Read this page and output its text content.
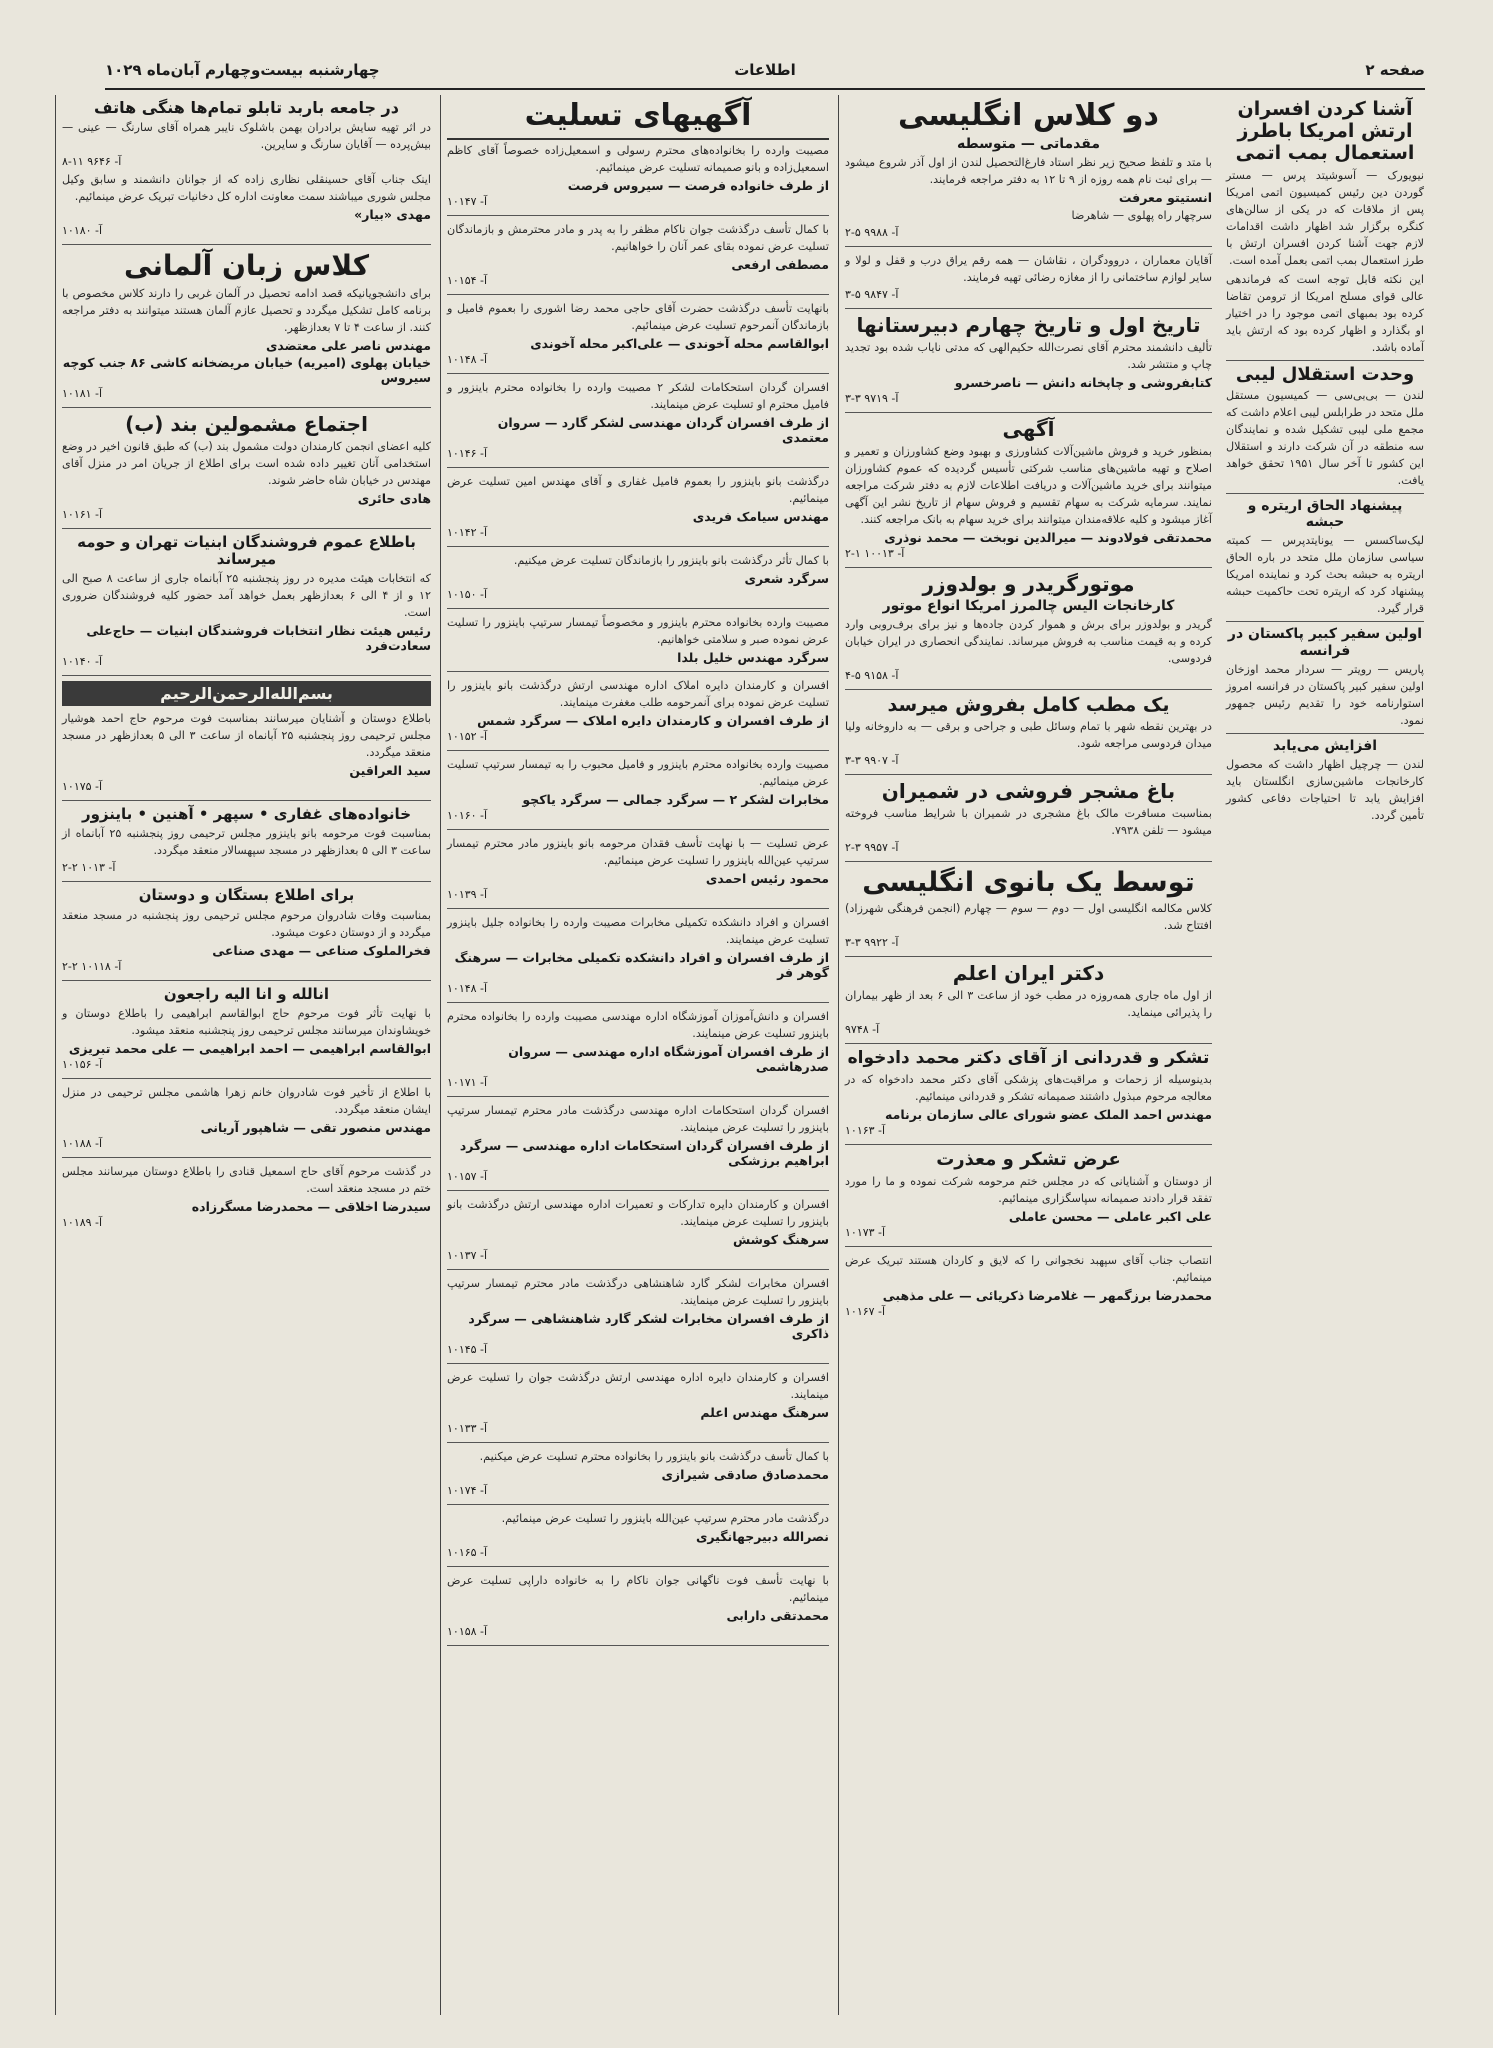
صفحه ۲
اطلاعات
چهارشنبه بیست‌وچهارم آبان‌ماه ۱۰۲۹
آشنا کردن افسران ارتش امریکا باطرز استعمال بمب اتمی
نیویورک — آسوشیتد پرس — مستر گوردن دین رئیس کمیسیون اتمی امریکا پس از ملاقات که در یکی از سالن‌های کنگره برگزار شد اظهار داشت اقدامات لازم جهت آشنا کردن افسران ارتش با طرز استعمال بمب اتمی بعمل آمده است.
این نکته قابل توجه است که فرماندهی عالی قوای مسلح امریکا از ترومن تقاضا کرده بود بمبهای اتمی موجود را در اختیار او بگذارد و اظهار کرده بود که ارتش باید آماده باشد.
وحدت استقلال لیبی
لندن — بی‌بی‌سی — کمیسیون مستقل ملل متحد در طرابلس لیبی اعلام داشت که مجمع ملی لیبی تشکیل شده و نمایندگان سه منطقه در آن شرکت دارند و استقلال این کشور تا آخر سال ۱۹۵۱ تحقق خواهد یافت.
پیشنهاد الحاق اریتره و حبشه
لیک‌ساکسس — یونایتدپرس — کمیته سیاسی سازمان ملل متحد در باره الحاق اریتره به حبشه بحث کرد و نماینده امریکا پیشنهاد کرد که اریتره تحت حاکمیت حبشه قرار گیرد.
اولین سفیر کبیر پاکستان در فرانسه
پاریس — رویتر — سردار محمد اوزخان اولین سفیر کبیر پاکستان در فرانسه امروز استوارنامه خود را تقدیم رئیس جمهور نمود.
افزایش می‌یابد
لندن — چرچیل اظهار داشت که محصول کارخانجات ماشین‌سازی انگلستان باید افزایش یابد تا احتیاجات دفاعی کشور تأمین گردد.
دو کلاس انگلیسی
مقدماتی — متوسطه
با متد و تلفظ صحیح زیر نظر استاد فارغ‌التحصیل لندن از اول آذر شروع میشود — برای ثبت نام همه روزه از ۹ تا ۱۲ به دفتر مراجعه فرمایند.
انستیتو معرفت
سرچهار راه پهلوی — شاهرضا
۲-۵ آ- ۹۹۸۸
آقایان معماران ، دروودگران ، نقاشان — همه رقم یراق درب و قفل و لولا و سایر لوازم ساختمانی را از مغازه رضائی تهیه فرمایند.
۳-۵ آ- ۹۸۴۷
تاریخ اول و تاریخ چهارم دبیرستانها
تألیف دانشمند محترم آقای نصرت‌الله حکیم‌الهی که مدتی نایاب شده بود تجدید چاپ و منتشر شد.
کتابفروشی و چاپخانه دانش — ناصرخسرو
۳-۳ آ- ۹۷۱۹
آگهی
بمنظور خرید و فروش ماشین‌آلات کشاورزی و بهبود وضع کشاورزان و تعمیر و اصلاح و تهیه ماشین‌های مناسب شرکتی تأسیس گردیده که عموم کشاورزان میتوانند برای خرید ماشین‌آلات و دریافت اطلاعات لازم به دفتر شرکت مراجعه نمایند. سرمایه شرکت به سهام تقسیم و فروش سهام از تاریخ نشر این آگهی آغاز میشود و کلیه علاقه‌مندان میتوانند برای خرید سهام به بانک مراجعه کنند.
محمدتقی فولادوند — میرالدین نوبخت — محمد نوذری
۲-۱ آ- ۱۰۰۱۳
موتورگریدر و بولدوزر
کارخانجات الیس چالمرز امریکا انواع موتور
گریدر و بولدوزر برای برش و هموار کردن جاده‌ها و نیز برای برف‌روبی وارد کرده و به قیمت مناسب به فروش میرساند. نمایندگی انحصاری در ایران خیابان فردوسی.
۴-۵ آ- ۹۱۵۸
یک مطب کامل بفروش میرسد
در بهترین نقطه شهر با تمام وسائل طبی و جراحی و برقی — به داروخانه ولیا میدان فردوسی مراجعه شود.
۳-۳ آ- ۹۹۰۷
باغ مشجر فروشی در شمیران
بمناسبت مسافرت مالک باغ مشجری در شمیران با شرایط مناسب فروخته میشود — تلفن ۷۹۳۸.
۲-۳ آ- ۹۹۵۷
توسط یک بانوی انگلیسی
کلاس مکالمه انگلیسی اول — دوم — سوم — چهارم (انجمن فرهنگی شهرزاد) افتتاح شد.
۳-۳ آ- ۹۹۲۲
دکتر ایران اعلم
از اول ماه جاری همه‌روزه در مطب خود از ساعت ۳ الی ۶ بعد از ظهر بیماران را پذیرائی مینماید.
آ- ۹۷۴۸
تشکر و قدردانی از آقای دکتر محمد دادخواه
بدینوسیله از زحمات و مراقبت‌های پزشکی آقای دکتر محمد دادخواه که در معالجه مرحوم مبذول داشتند صمیمانه تشکر و قدردانی مینمائیم.
مهندس احمد الملک عضو شورای عالی سازمان برنامه
آ- ۱۰۱۶۳
عرض تشکر و معذرت
از دوستان و آشنایانی که در مجلس ختم مرحومه شرکت نموده و ما را مورد تفقد قرار دادند صمیمانه سپاسگزاری مینمائیم.
علی اکبر عاملی — محسن عاملی
آ- ۱۰۱۷۳
انتصاب جناب آقای سپهبد نخجوانی را که لایق و کاردان هستند تبریک عرض مینمائیم.
محمدرضا برزگمهر — غلامرضا ذکریائی — علی مذهبی
آ- ۱۰۱۶۷
آگهیهای تسلیت
مصیبت وارده را بخانواده‌های محترم رسولی و اسمعیل‌زاده خصوصاً آقای کاظم اسمعیل‌زاده و بانو صمیمانه تسلیت عرض مینمائیم.
از طرف خانواده فرصت — سیروس فرصت
آ- ۱۰۱۴۷
با کمال تأسف درگذشت جوان ناکام مظفر را به پدر و مادر محترمش و بازماندگان تسلیت عرض نموده بقای عمر آنان را خواهانیم.
مصطفی ارفعی
آ- ۱۰۱۵۴
بانهایت تأسف درگذشت حضرت آقای حاجی محمد رضا اشوری را بعموم فامیل و بازماندگان آنمرحوم تسلیت عرض مینمائیم.
ابوالقاسم محله آخوندی — علی‌اکبر محله آخوندی
آ- ۱۰۱۴۸
افسران گردان استحکامات لشکر ۲ مصیبت وارده را بخانواده محترم باینزور و فامیل محترم او تسلیت عرض مینمایند.
از طرف افسران گردان مهندسی لشکر گارد — سروان معتمدی
آ- ۱۰۱۴۶
درگذشت بانو باینزور را بعموم فامیل غفاری و آقای مهندس امین تسلیت عرض مینمائیم.
مهندس سیامک فریدی
آ- ۱۰۱۴۲
با کمال تأثر درگذشت بانو باینزور را بازماندگان تسلیت عرض میکنیم.
سرگرد شعری
آ- ۱۰۱۵۰
مصیبت وارده بخانواده محترم باینزور و مخصوصاً تیمسار سرتیپ باینزور را تسلیت عرض نموده صبر و سلامتی خواهانیم.
سرگرد مهندس خلیل بلدا
افسران و کارمندان دایره املاک اداره مهندسی ارتش درگذشت بانو باینزور را تسلیت عرض نموده برای آنمرحومه طلب مغفرت مینمایند.
از طرف افسران و کارمندان دایره املاک — سرگرد شمس
آ- ۱۰۱۵۲
مصیبت وارده بخانواده محترم باینزور و فامیل محبوب را به تیمسار سرتیپ تسلیت عرض مینمائیم.
مخابرات لشکر ۲ — سرگرد جمالی — سرگرد یاکچو
آ- ۱۰۱۶۰
عرض تسلیت — با نهایت تأسف فقدان مرحومه بانو باینزور مادر محترم تیمسار سرتیپ عین‌الله باینزور را تسلیت عرض مینمائیم.
محمود رئیس احمدی
آ- ۱۰۱۳۹
افسران و افراد دانشکده تکمیلی مخابرات مصیبت وارده را بخانواده جلیل باینزور تسلیت عرض مینمایند.
از طرف افسران و افراد دانشکده تکمیلی مخابرات — سرهنگ گوهر فر
آ- ۱۰۱۴۸
افسران و دانش‌آموزان آموزشگاه اداره مهندسی مصیبت وارده را بخانواده محترم باینزور تسلیت عرض مینمایند.
از طرف افسران آموزشگاه اداره مهندسی — سروان صدرهاشمی
آ- ۱۰۱۷۱
افسران گردان استحکامات اداره مهندسی درگذشت مادر محترم تیمسار سرتیپ باینزور را تسلیت عرض مینمایند.
از طرف افسران گردان استحکامات اداره مهندسی — سرگرد ابراهیم برزشکی
آ- ۱۰۱۵۷
افسران و کارمندان دایره تدارکات و تعمیرات اداره مهندسی ارتش درگذشت بانو باینزور را تسلیت عرض مینمایند.
سرهنگ کوشش
آ- ۱۰۱۳۷
افسران مخابرات لشکر گارد شاهنشاهی درگذشت مادر محترم تیمسار سرتیپ باینزور را تسلیت عرض مینمایند.
از طرف افسران مخابرات لشکر گارد شاهنشاهی — سرگرد ذاکری
آ- ۱۰۱۴۵
افسران و کارمندان دایره اداره مهندسی ارتش درگذشت جوان را تسلیت عرض مینمایند.
سرهنگ مهندس اعلم
آ- ۱۰۱۳۳
با کمال تأسف درگذشت بانو باینزور را بخانواده محترم تسلیت عرض میکنیم.
محمدصادق صادقی شیرازی
آ- ۱۰۱۷۴
درگذشت مادر محترم سرتیپ عین‌الله باینزور را تسلیت عرض مینمائیم.
نصرالله دبیرجهانگیری
آ- ۱۰۱۶۵
با نهایت تأسف فوت ناگهانی جوان ناکام را به خانواده داراپی تسلیت عرض مینمائیم.
محمدتقی دارابی
آ- ۱۰۱۵۸
در جامعه باربد تابلو تمام‌ها هنگی هاتف
در اثر تهیه سایش برادران بهمن باشلوک نایبر همراه آقای سارنگ — عینی — بیش‌پرده — آقایان سارنگ و سایرین.
۸-۱۱ آ- ۹۶۴۶
اینک جناب آقای حسینقلی نظاری زاده که از جوانان دانشمند و سابق وکیل مجلس شوری میباشند سمت معاونت اداره کل دخانیات تبریک عرض مینمائیم.
مهدی «بیار»
آ- ۱۰۱۸۰
کلاس زبان آلمانی
برای دانشجویانیکه قصد ادامه تحصیل در آلمان غربی را دارند کلاس مخصوص با برنامه کامل تشکیل میگردد و تحصیل عازم آلمان هستند میتوانند به دفتر مراجعه کنند. از ساعت ۴ تا ۷ بعدازظهر.
مهندس ناصر علی معتضدی
خیابان پهلوی (امیریه) خیابان مریضخانه کاشی ۸۶ جنب کوچه سیروس
آ- ۱۰۱۸۱
اجتماع مشمولین بند (ب)
کلیه اعضای انجمن کارمندان دولت مشمول بند (ب) که طبق قانون اخیر در وضع استخدامی آنان تغییر داده شده است برای اطلاع از جریان امر در منزل آقای مهندس در خیابان شاه حاضر شوند.
هادی حائری
آ- ۱۰۱۶۱
باطلاع عموم فروشندگان ابنیات تهران و حومه میرساند
که انتخابات هیئت مدیره در روز پنجشنبه ۲۵ آبانماه جاری از ساعت ۸ صبح الی ۱۲ و از ۴ الی ۶ بعدازظهر بعمل خواهد آمد حضور کلیه فروشندگان ضروری است.
رئیس هیئت نظار انتخابات فروشندگان ابنیات — حاج‌علی سعادت‌فرد
آ- ۱۰۱۴۰
بسم‌الله‌الرحمن‌الرحیم
باطلاع دوستان و آشنایان میرسانند بمناسبت فوت مرحوم حاج احمد هوشیار مجلس ترحیمی روز پنجشنبه ۲۵ آبانماه از ساعت ۳ الی ۵ بعدازظهر در مسجد منعقد میگردد.
سید العراقین
آ- ۱۰۱۷۵
خانواده‌های غفاری • سپهر • آهنین • باینزور
بمناسبت فوت مرحومه بانو باینزور مجلس ترحیمی روز پنجشنبه ۲۵ آبانماه از ساعت ۳ الی ۵ بعدازظهر در مسجد سپهسالار منعقد میگردد.
۲-۲ آ- ۱۰۱۳
برای اطلاع بستگان و دوستان
بمناسبت وفات شادروان مرحوم مجلس ترحیمی روز پنجشنبه در مسجد منعقد میگردد و از دوستان دعوت میشود.
فخرالملوک صناعی — مهدی صناعی
۲-۲ آ- ۱۰۱۱۸
انالله و انا الیه راجعون
با نهایت تأثر فوت مرحوم حاج ابوالقاسم ابراهیمی را باطلاع دوستان و خویشاوندان میرسانند مجلس ترحیمی روز پنجشنبه منعقد میشود.
ابوالقاسم ابراهیمی — احمد ابراهیمی — علی محمد تبریزی
آ- ۱۰۱۵۶
با اطلاع از تأخیر فوت شادروان خانم زهرا هاشمی مجلس ترحیمی در منزل ایشان منعقد میگردد.
مهندس منصور تقی — شاهپور آریانی
آ- ۱۰۱۸۸
در گذشت مرحوم آقای حاج اسمعیل قنادی را باطلاع دوستان میرسانند مجلس ختم در مسجد منعقد است.
سید‌رضا اخلاقی — محمدرضا مسگرزاده
آ- ۱۰۱۸۹
